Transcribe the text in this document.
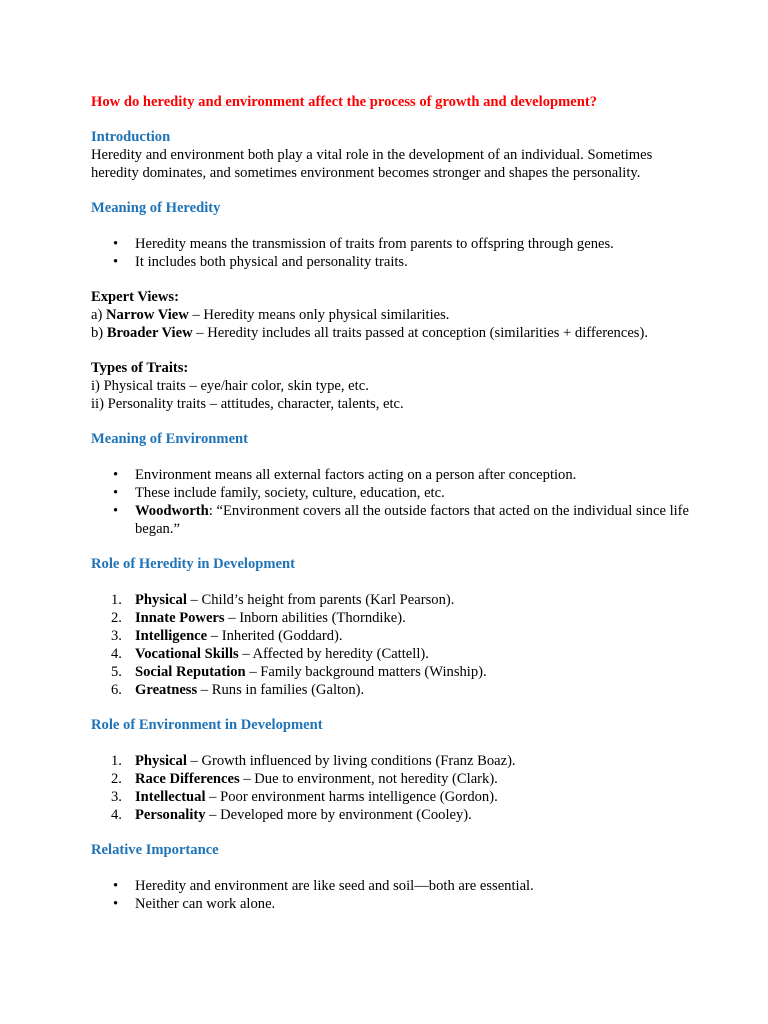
How do heredity and environment affect the process of growth and development?

Introduction

Heredity and environment both play a vital role in the development of an individual. Sometimes heredity dominates, and sometimes environment becomes stronger and shapes the personality.

Meaning of Heredity

• Heredity means the transmission of traits from parents to offspring through genes.
• It includes both physical and personality traits.

Expert Views:

a) Narrow View – Heredity means only physical similarities.

b) Broader View – Heredity includes all traits passed at conception (similarities + differences).

Types of Traits:

i) Physical traits – eye/hair color, skin type, etc.

ii) Personality traits – attitudes, character, talents, etc.

Meaning of Environment

• Environment means all external factors acting on a person after conception.
• These include family, society, culture, education, etc.
• Woodworth: “Environment covers all the outside factors that acted on the individual since life began.”

Role of Heredity in Development

1. Physical – Child’s height from parents (Karl Pearson).
2. Innate Powers – Inborn abilities (Thorndike).
3. Intelligence – Inherited (Goddard).
4. Vocational Skills – Affected by heredity (Cattell).
5. Social Reputation – Family background matters (Winship).
6. Greatness – Runs in families (Galton).

Role of Environment in Development

1. Physical – Growth influenced by living conditions (Franz Boaz).
2. Race Differences – Due to environment, not heredity (Clark).
3. Intellectual – Poor environment harms intelligence (Gordon).
4. Personality – Developed more by environment (Cooley).

Relative Importance

• Heredity and environment are like seed and soil—both are essential.
• Neither can work alone.
